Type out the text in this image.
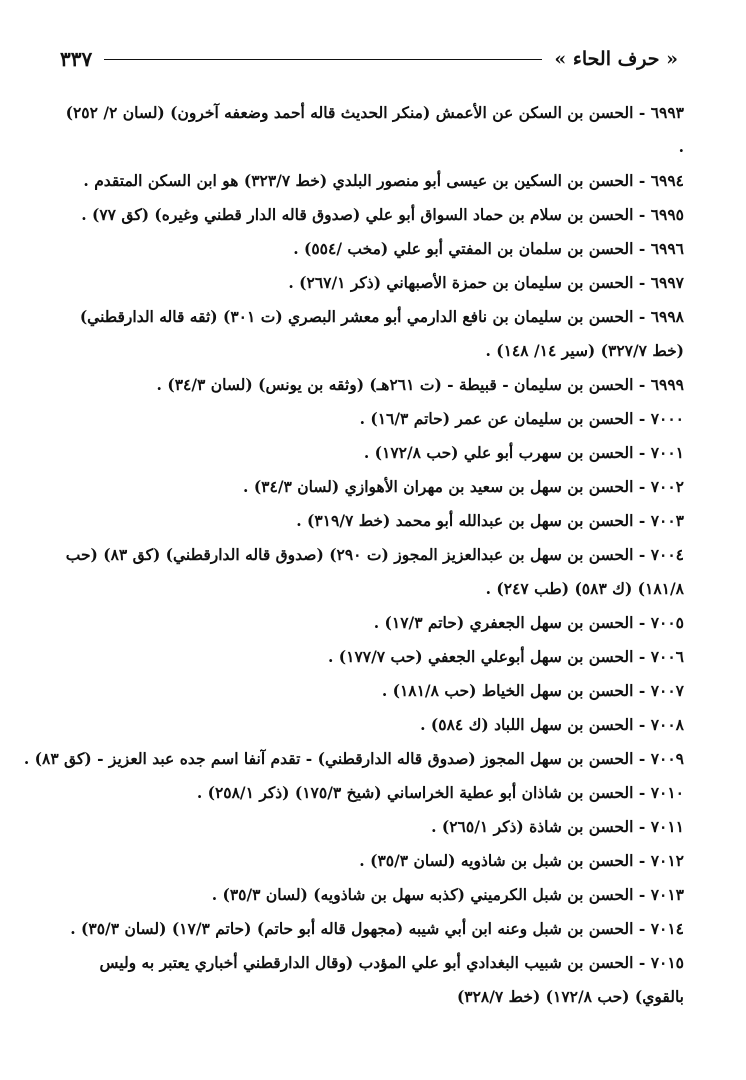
« حرف الحاء »
٣٣٧
٦٩٩٣ - الحسن بن السكن عن الأعمش (منكر الحديث قاله أحمد وضعفه آخرون) (لسان ٢/ ٢٥٢) .
٦٩٩٤ - الحسن بن السكين بن عيسى أبو منصور البلدي (خط ٣٢٣/٧) هو ابن السكن المتقدم .
٦٩٩٥ - الحسن بن سلام بن حماد السواق أبو علي (صدوق قاله الدار قطني وغيره) (كق ٧٧) .
٦٩٩٦ - الحسن بن سلمان بن المفتي أبو علي (مخب /٥٥٤) .
٦٩٩٧ - الحسن بن سليمان بن حمزة الأصبهاني (ذكر ٢٦٧/١) .
٦٩٩٨ - الحسن بن سليمان بن نافع الدارمي أبو معشر البصري (ت ٣٠١) (ثقه قاله الدارقطني) (خط ٣٢٧/٧) (سير ١٤/ ١٤٨) .
٦٩٩٩ - الحسن بن سليمان - قبيطة - (ت ٢٦١هـ) (وثقه بن يونس) (لسان ٣٤/٣) .
٧٠٠٠ - الحسن بن سليمان عن عمر (حاتم ١٦/٣) .
٧٠٠١ - الحسن بن سهرب أبو علي (حب ١٧٢/٨) .
٧٠٠٢ - الحسن بن سهل بن سعيد بن مهران الأهوازي (لسان ٣٤/٣) .
٧٠٠٣ - الحسن بن سهل بن عبدالله أبو محمد (خط ٣١٩/٧) .
٧٠٠٤ - الحسن بن سهل بن عبدالعزيز المجوز (ت ٢٩٠) (صدوق قاله الدارقطني) (كق ٨٣) (حب ١٨١/٨) (ك ٥٨٣) (طب ٢٤٧) .
٧٠٠٥ - الحسن بن سهل الجعفري (حاتم ١٧/٣) .
٧٠٠٦ - الحسن بن سهل أبوعلي الجعفي (حب ١٧٧/٧) .
٧٠٠٧ - الحسن بن سهل الخياط (حب ١٨١/٨) .
٧٠٠٨ - الحسن بن سهل اللباد (ك ٥٨٤) .
٧٠٠٩ - الحسن بن سهل المجوز (صدوق قاله الدارقطني) - تقدم آنفا اسم جده عبد العزيز - (كق ٨٣) .
٧٠١٠ - الحسن بن شاذان أبو عطية الخراساني (شيخ ١٧٥/٣) (ذكر ٢٥٨/١) .
٧٠١١ - الحسن بن شاذة (ذكر ٢٦٥/١) .
٧٠١٢ - الحسن بن شبل بن شاذويه (لسان ٣٥/٣) .
٧٠١٣ - الحسن بن شبل الكرميني (كذبه سهل بن شاذويه) (لسان ٣٥/٣) .
٧٠١٤ - الحسن بن شبل وعنه ابن أبي شيبه (مجهول قاله أبو حاتم) (حاتم ١٧/٣) (لسان ٣٥/٣) .
٧٠١٥ - الحسن بن شبيب البغدادي أبو علي المؤدب (وقال الدارقطني أخباري يعتبر به وليس بالقوي) (حب ١٧٢/٨) (خط ٣٢٨/٧)
